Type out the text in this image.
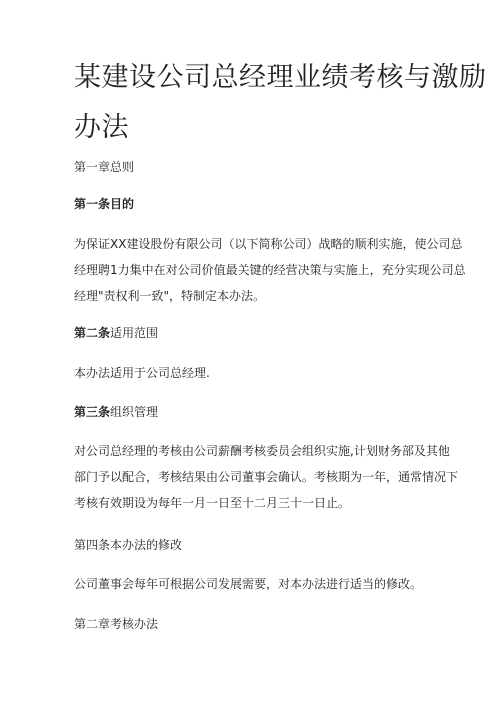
某建设公司总经理业绩考核与激励
办法
第一章总则
第一条目的
为保证XX建设股份有限公司（以下简称公司）战略的顺利实施，使公司总
经理聘1力集中在对公司价值最关键的经营决策与实施上，充分实现公司总
经理"责权利一致"，特制定本办法。
第二条适用范围
本办法适用于公司总经理.
第三条组织管理
对公司总经理的考核由公司薪酬考核委员会组织实施,计划财务部及其他
部门予以配合，考核结果由公司董事会确认。考核期为一年，通常情况下
考核有效期设为每年一月一日至十二月三十一日止。
第四条本办法的修改
公司董事会每年可根据公司发展需要，对本办法进行适当的修改。
第二章考核办法
